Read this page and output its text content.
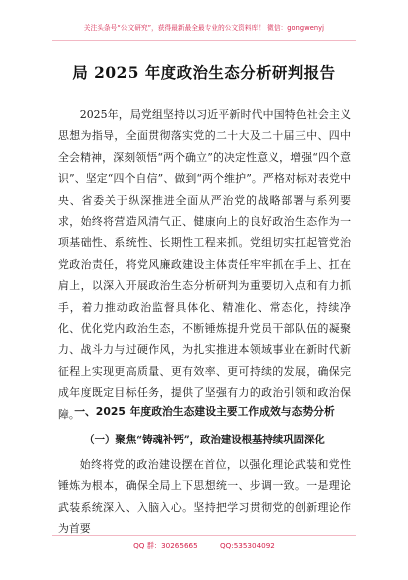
关注头条号“公文研究”，获得最新最全最专业的公文资料库！ 微信：gongwenyj
局 2025 年度政治生态分析研判报告

2025年，局党组坚持以习近平新时代中国特色社会主义思想为指导，全面贯彻落实党的二十大及二十届三中、四中全会精神，深刻领悟“两个确立”的决定性意义，增强“四个意识”、坚定“四个自信”、做到“两个维护”。严格对标对表党中央、省委关于纵深推进全面从严治党的战略部署与系列要求，始终将营造风清气正、健康向上的良好政治生态作为一项基础性、系统性、长期性工程来抓。党组切实扛起管党治党政治责任，将党风廉政建设主体责任牢牢抓在手上、扛在肩上，以深入开展政治生态分析研判为重要切入点和有力抓手，着力推动政治监督具体化、精准化、常态化，持续净化、优化党内政治生态，不断锤炼提升党员干部队伍的凝聚力、战斗力与过硬作风，为扎实推进本领域事业在新时代新征程上实现更高质量、更有效率、更可持续的发展，确保完成年度既定目标任务，提供了坚强有力的政治引领和政治保障。

一、2025 年度政治生态建设主要工作成效与态势分析
（一）聚焦“铸魂补钙”，政治建设根基持续巩固深化

始终将党的政治建设摆在首位，以强化理论武装和党性锤炼为根本，确保全局上下思想统一、步调一致。一是理论武装系统深入、入脑入心。坚持把学习贯彻党的创新理论作为首要

QQ 群：30265665	QQ:535304092
